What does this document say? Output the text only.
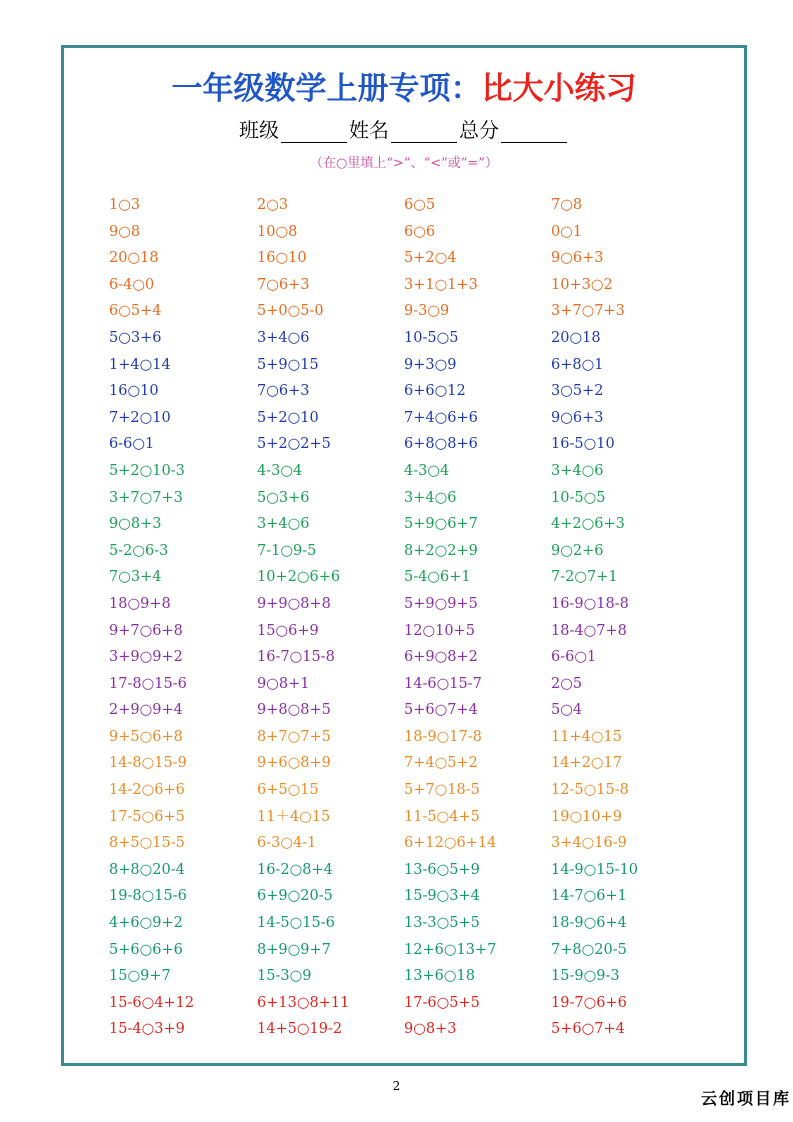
一年级数学上册专项：比大小练习
班级	姓名	总分
（在○里填上“>”、“<”或“=”）
1○3	2○3	6○5	7○8
9○8	10○8	6○6	0○1
20○18	16○10	5+2○4	9○6+3
6-4○0	7○6+3	3+1○1+3	10+3○2
6○5+4	5+0○5-0	9-3○9	3+7○7+3
5○3+6	3+4○6	10-5○5	20○18
1+4○14	5+9○15	9+3○9	6+8○1
16○10	7○6+3	6+6○12	3○5+2
7+2○10	5+2○10	7+4○6+6	9○6+3
6-6○1	5+2○2+5	6+8○8+6	16-5○10
5+2○10-3	4-3○4	4-3○4	3+4○6
3+7○7+3	5○3+6	3+4○6	10-5○5
9○8+3	3+4○6	5+9○6+7	4+2○6+3
5-2○6-3	7-1○9-5	8+2○2+9	9○2+6
7○3+4	10+2○6+6	5-4○6+1	7-2○7+1
18○9+8	9+9○8+8	5+9○9+5	16-9○18-8
9+7○6+8	15○6+9	12○10+5	18-4○7+8
3+9○9+2	16-7○15-8	6+9○8+2	6-6○1
17-8○15-6	9○8+1	14-6○15-7	2○5
2+9○9+4	9+8○8+5	5+6○7+4	5○4
9+5○6+8	8+7○7+5	18-9○17-8	11+4○15
14-8○15-9	9+6○8+9	7+4○5+2	14+2○17
14-2○6+6	6+5○15	5+7○18-5	12-5○15-8
17-5○6+5	11＋4○15	11-5○4+5	19○10+9
8+5○15-5	6-3○4-1	6+12○6+14	3+4○16-9
8+8○20-4	16-2○8+4	13-6○5+9	14-9○15-10
19-8○15-6	6+9○20-5	15-9○3+4	14-7○6+1
4+6○9+2	14-5○15-6	13-3○5+5	18-9○6+4
5+6○6+6	8+9○9+7	12+6○13+7	7+8○20-5
15○9+7	15-3○9	13+6○18	15-9○9-3
15-6○4+12	6+13○8+11	17-6○5+5	19-7○6+6
15-4○3+9	14+5○19-2	9○8+3	5+6○7+4
2
云创项目库
